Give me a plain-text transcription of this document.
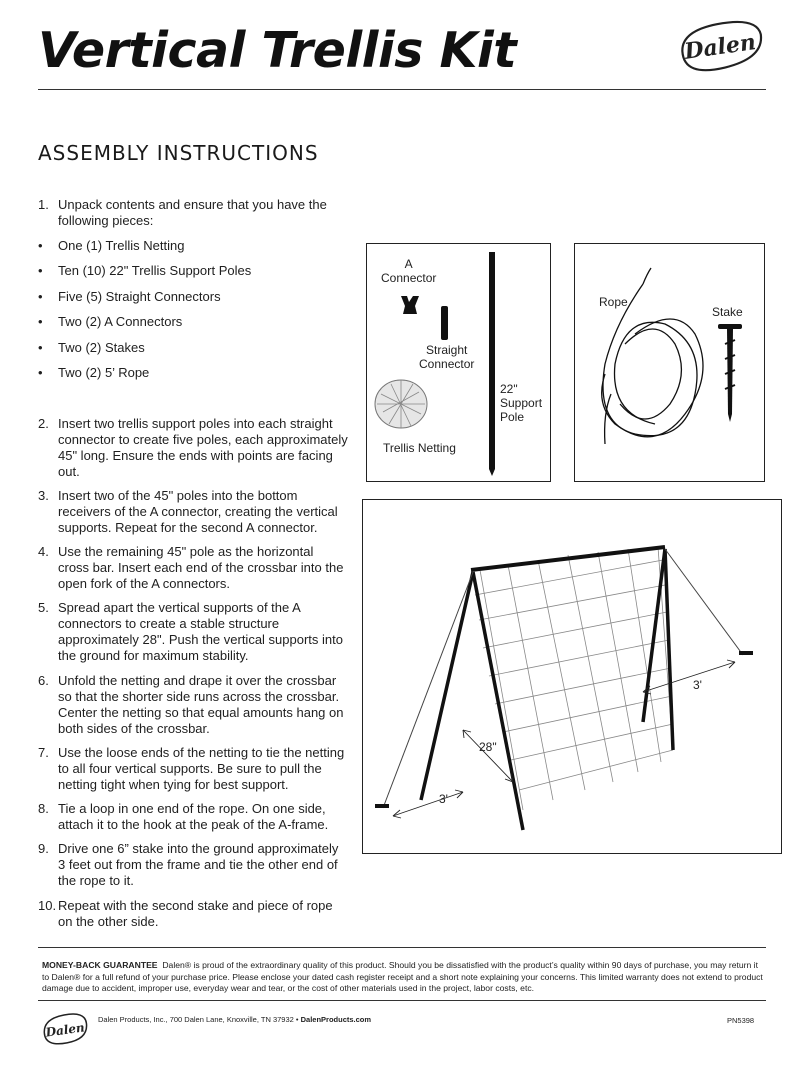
Vertical Trellis Kit	Dalen
ASSEMBLY INSTRUCTIONS
1. Unpack contents and ensure that you have the following pieces:
• One (1) Trellis Netting
• Ten (10) 22" Trellis Support Poles
• Five (5) Straight Connectors
• Two (2) A Connectors
• Two (2) Stakes
• Two (2) 5’ Rope
2. Insert two trellis support poles into each straight connector to create five poles, each approximately 45" long. Ensure the ends with points are facing out.
3. Insert two of the 45" poles into the bottom receivers of the A connector, creating the vertical supports. Repeat for the second A connector.
4. Use the remaining 45" pole as the horizontal cross bar. Insert each end of the crossbar into the open fork of the A connectors.
5. Spread apart the vertical supports of the A connectors to create a stable structure approximately 28". Push the vertical supports into the ground for maximum stability.
6. Unfold the netting and drape it over the crossbar so that the shorter side runs across the crossbar. Center the netting so that equal amounts hang on both sides of the crossbar.
7. Use the loose ends of the netting to tie the netting to all four vertical supports. Be sure to pull the netting tight when tying for best support.
8. Tie a loop in one end of the rope. On one side, attach it to the hook at the peak of the A-frame.
9. Drive one 6” stake into the ground approximately 3 feet out from the frame and tie the other end of the rope to it.
10. Repeat with the second stake and piece of rope on the other side.
A
Connector
Straight
Connector
22"
Support
Pole
Trellis Netting
Rope
Stake
3'
3'
28"
MONEY-BACK GUARANTEE Dalen® is proud of the extraordinary quality of this product. Should you be dissatisfied with the product’s quality within 90 days of purchase, you may return it to Dalen® for a full refund of your purchase price. Please enclose your dated cash register receipt and a short note explaining your concerns. This limited warranty does not extend to product damage due to accident, improper use, everyday wear and tear, or the cost of other materials used in the project, labor costs, etc.
Dalen
Dalen Products, Inc., 700 Dalen Lane, Knoxville, TN 37932 • DalenProducts.com	PN5398
